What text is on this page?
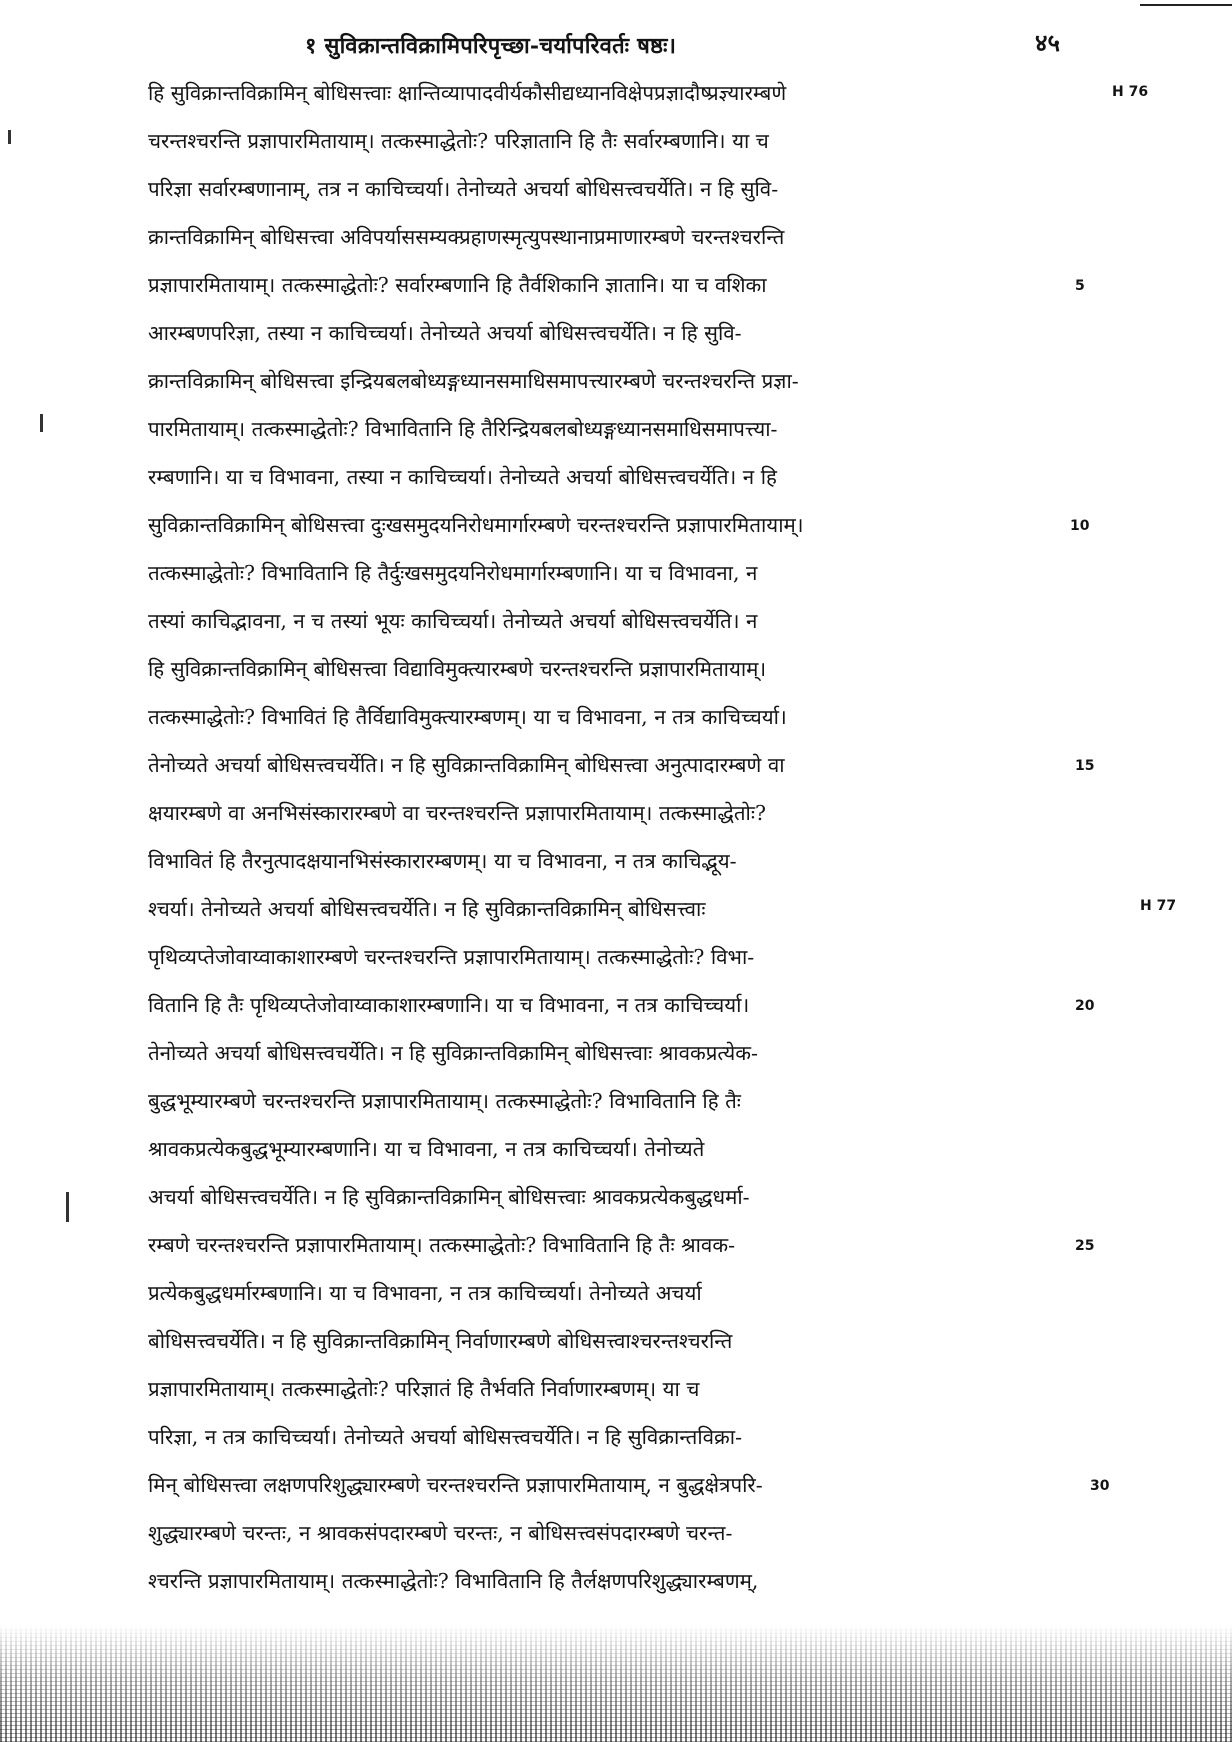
१ सुविक्रान्तविक्रामिपरिपृच्छा-चर्यापरिवर्तः षष्ठः।	४५
H 76
H 77
हि सुविक्रान्तविक्रामिन् बोधिसत्त्वाः क्षान्तिव्यापादवीर्यकौसीद्यध्यानविक्षेपप्रज्ञादौष्प्रज्ञ्यारम्बणे
चरन्तश्चरन्ति प्रज्ञापारमितायाम्। तत्कस्माद्धेतोः? परिज्ञातानि हि तैः सर्वारम्बणानि। या च
परिज्ञा सर्वारम्बणानाम्, तत्र न काचिच्चर्या। तेनोच्यते अचर्या बोधिसत्त्वचर्येति। न हि सुवि-
क्रान्तविक्रामिन् बोधिसत्त्वा अविपर्याससम्यक्प्रहाणस्मृत्युपस्थानाप्रमाणारम्बणे चरन्तश्चरन्ति
प्रज्ञापारमितायाम्। तत्कस्माद्धेतोः? सर्वारम्बणानि हि तैर्वशिकानि ज्ञातानि। या च वशिका
आरम्बणपरिज्ञा, तस्या न काचिच्चर्या। तेनोच्यते अचर्या बोधिसत्त्वचर्येति। न हि सुवि-
क्रान्तविक्रामिन् बोधिसत्त्वा इन्द्रियबलबोध्यङ्गध्यानसमाधिसमापत्त्यारम्बणे चरन्तश्चरन्ति प्रज्ञा-
पारमितायाम्। तत्कस्माद्धेतोः? विभावितानि हि तैरिन्द्रियबलबोध्यङ्गध्यानसमाधिसमापत्त्या-
रम्बणानि। या च विभावना, तस्या न काचिच्चर्या। तेनोच्यते अचर्या बोधिसत्त्वचर्येति। न हि
सुविक्रान्तविक्रामिन् बोधिसत्त्वा दुःखसमुदयनिरोधमार्गारम्बणे चरन्तश्चरन्ति प्रज्ञापारमितायाम्।
तत्कस्माद्धेतोः? विभावितानि हि तैर्दुःखसमुदयनिरोधमार्गारम्बणानि। या च विभावना, न
तस्यां काचिद्भावना, न च तस्यां भूयः काचिच्चर्या। तेनोच्यते अचर्या बोधिसत्त्वचर्येति। न
हि सुविक्रान्तविक्रामिन् बोधिसत्त्वा विद्याविमुक्त्यारम्बणे चरन्तश्चरन्ति प्रज्ञापारमितायाम्।
तत्कस्माद्धेतोः? विभावितं हि तैर्विद्याविमुक्त्यारम्बणम्। या च विभावना, न तत्र काचिच्चर्या।
तेनोच्यते अचर्या बोधिसत्त्वचर्येति। न हि सुविक्रान्तविक्रामिन् बोधिसत्त्वा अनुत्पादारम्बणे वा
क्षयारम्बणे वा अनभिसंस्कारारम्बणे वा चरन्तश्चरन्ति प्रज्ञापारमितायाम्। तत्कस्माद्धेतोः?
विभावितं हि तैरनुत्पादक्षयानभिसंस्कारारम्बणम्। या च विभावना, न तत्र काचिद्भूय-
श्चर्या। तेनोच्यते अचर्या बोधिसत्त्वचर्येति। न हि सुविक्रान्तविक्रामिन् बोधिसत्त्वाः
पृथिव्यप्तेजोवाय्वाकाशारम्बणे चरन्तश्चरन्ति प्रज्ञापारमितायाम्। तत्कस्माद्धेतोः? विभा-
वितानि हि तैः पृथिव्यप्तेजोवाय्वाकाशारम्बणानि। या च विभावना, न तत्र काचिच्चर्या।
तेनोच्यते अचर्या बोधिसत्त्वचर्येति। न हि सुविक्रान्तविक्रामिन् बोधिसत्त्वाः श्रावकप्रत्येक-
बुद्धभूम्यारम्बणे चरन्तश्चरन्ति प्रज्ञापारमितायाम्। तत्कस्माद्धेतोः? विभावितानि हि तैः
श्रावकप्रत्येकबुद्धभूम्यारम्बणानि। या च विभावना, न तत्र काचिच्चर्या। तेनोच्यते
अचर्या बोधिसत्त्वचर्येति। न हि सुविक्रान्तविक्रामिन् बोधिसत्त्वाः श्रावकप्रत्येकबुद्धधर्मा-
रम्बणे चरन्तश्चरन्ति प्रज्ञापारमितायाम्। तत्कस्माद्धेतोः? विभावितानि हि तैः श्रावक-
प्रत्येकबुद्धधर्मारम्बणानि। या च विभावना, न तत्र काचिच्चर्या। तेनोच्यते अचर्या
बोधिसत्त्वचर्येति। न हि सुविक्रान्तविक्रामिन् निर्वाणारम्बणे बोधिसत्त्वाश्चरन्तश्चरन्ति
प्रज्ञापारमितायाम्। तत्कस्माद्धेतोः? परिज्ञातं हि तैर्भवति निर्वाणारम्बणम्। या च
परिज्ञा, न तत्र काचिच्चर्या। तेनोच्यते अचर्या बोधिसत्त्वचर्येति। न हि सुविक्रान्तविक्रा-
मिन् बोधिसत्त्वा लक्षणपरिशुद्ध्यारम्बणे चरन्तश्चरन्ति प्रज्ञापारमितायाम्, न बुद्धक्षेत्रपरि-
शुद्ध्यारम्बणे चरन्तः, न श्रावकसंपदारम्बणे चरन्तः, न बोधिसत्त्वसंपदारम्बणे चरन्त-
श्चरन्ति प्रज्ञापारमितायाम्। तत्कस्माद्धेतोः? विभावितानि हि तैर्लक्षणपरिशुद्ध्यारम्बणम्,
5
10
15
20
25
30
